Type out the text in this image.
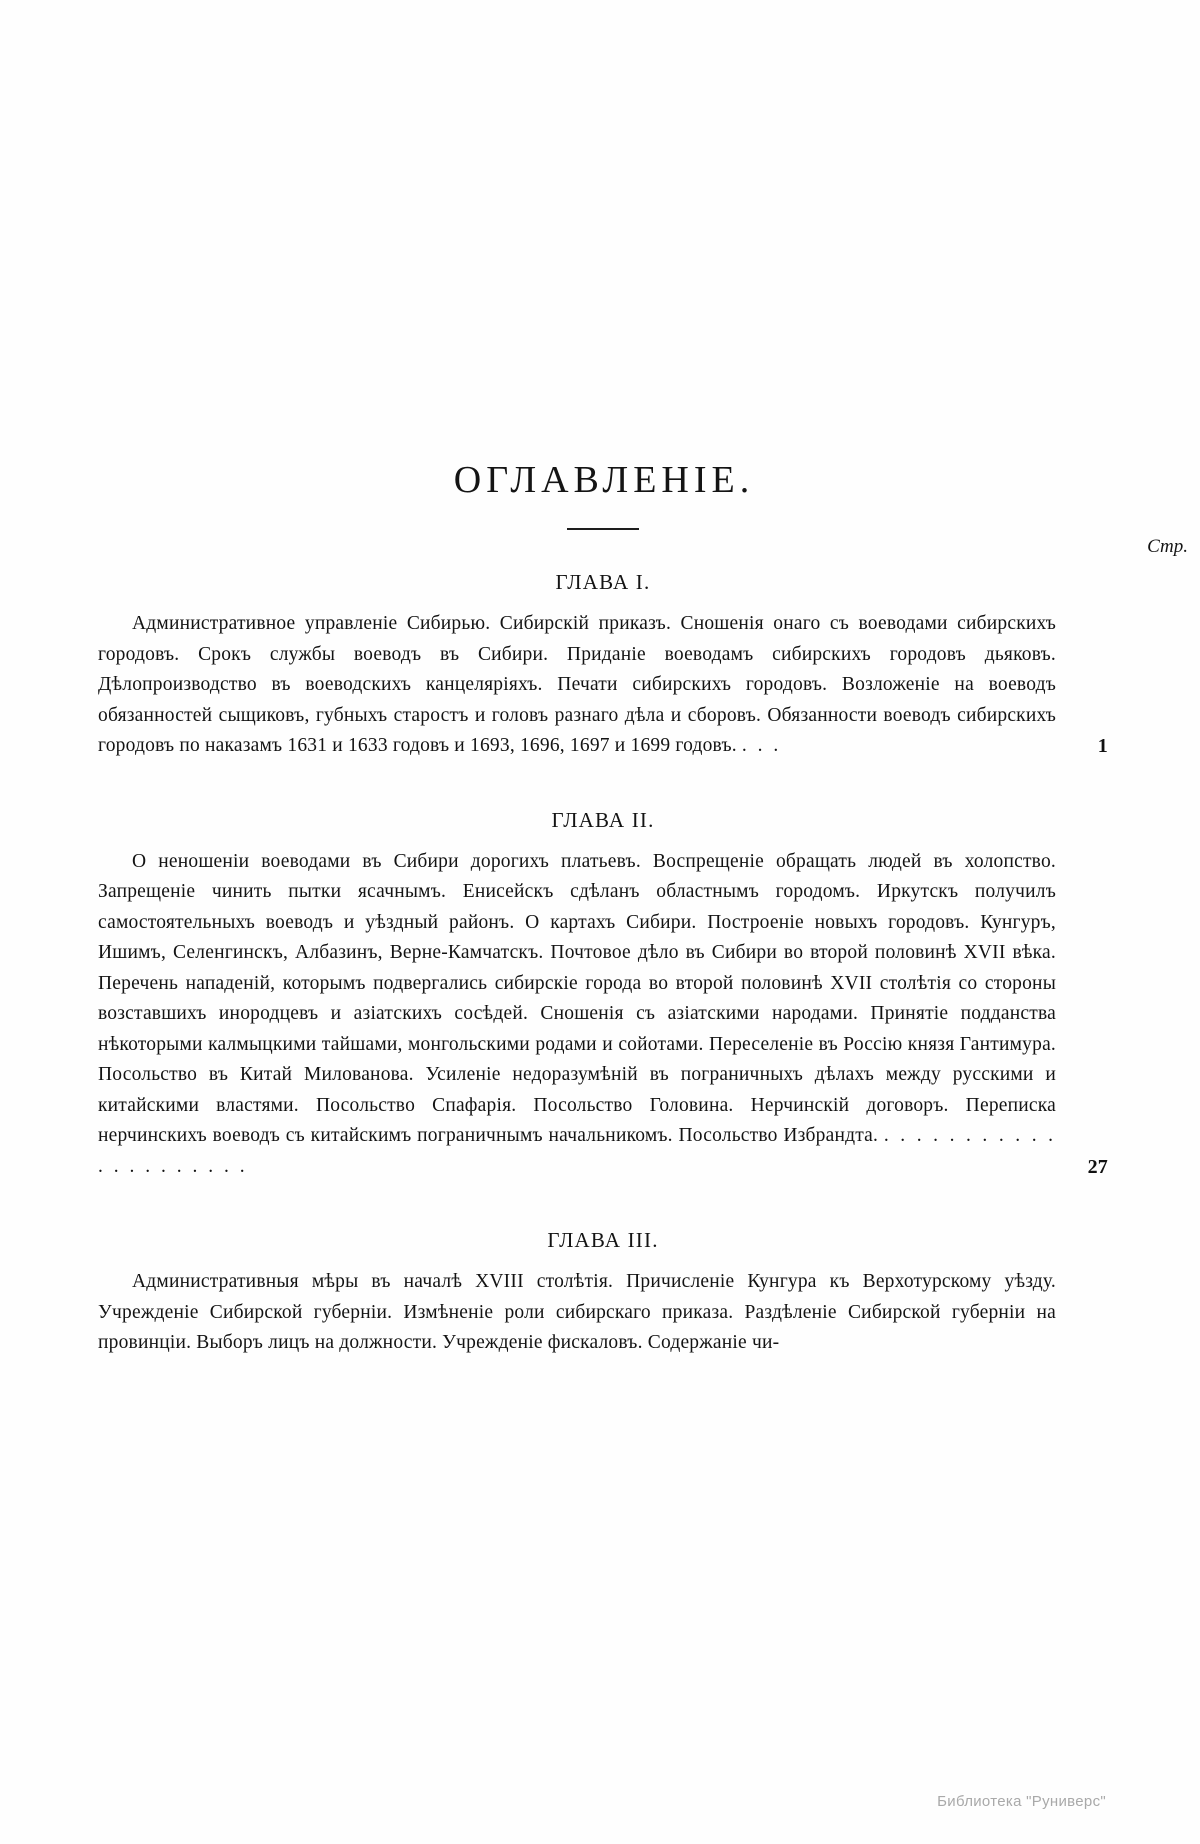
ОГЛАВЛЕНІЕ.
ГЛАВА I.

Административное управленіе Сибирью. Сибирскій приказъ. Сношенія онаго съ воеводами сибирскихъ городовъ. Срокъ службы воеводъ въ Сибири. Приданіе воеводамъ сибирскихъ городовъ дьяковъ. Дѣлопроизводство въ воеводскихъ канцеляріяхъ. Печати сибирскихъ городовъ. Возложеніе на воеводъ обязанностей сыщиковъ, губныхъ старостъ и головъ разнаго дѣла и сборовъ. Обязанности воеводъ сибирскихъ городовъ по наказамъ 1631 и 1633 годовъ и 1693, 1696, 1697 и 1699 годовъ. . . .	1
ГЛАВА II.

О неношеніи воеводами въ Сибири дорогихъ платьевъ. Воспрещеніе обращать людей въ холопство. Запрещеніе чинить пытки ясачнымъ. Енисейскъ сдѣланъ областнымъ городомъ. Иркутскъ получилъ самостоятельныхъ воеводъ и уѣздный районъ. О картахъ Сибири. Построеніе новыхъ городовъ. Кунгуръ, Ишимъ, Селенгинскъ, Албазинъ, Верне-Камчатскъ. Почтовое дѣло въ Сибири во второй половинѣ XVII вѣка. Перечень нападеній, которымъ подвергались сибирскіе города во второй половинѣ XVII столѣтія со стороны возставшихъ инородцевъ и азіатскихъ сосѣдей. Сношенія съ азіатскими народами. Принятіе подданства нѣкоторыми калмыцкими тайшами, монгольскими родами и сойотами. Переселеніе въ Россію князя Гантимура. Посольство въ Китай Милованова. Усиленіе недоразумѣній въ пограничныхъ дѣлахъ между русскими и китайскими властями. Посольство Спафарія. Посольство Головина. Нерчинскій договоръ. Переписка нерчинскихъ воеводъ съ китайскимъ пограничнымъ начальникомъ. Посольство Избрандта. . . . . . . . . . . . . . . . . . . . . .	27
ГЛАВА III.

Административныя мѣры въ началѣ XVIII столѣтія. Причисленіе Кунгура къ Верхотурскому уѣзду. Учрежденіе Сибирской губерніи. Измѣненіе роли сибирскаго приказа. Раздѣленіе Сибирской губерніи на провинціи. Выборъ лицъ на должности. Учрежденіе фискаловъ. Содержаніе чи-

Стр.
Библиотека "Руниверс"
